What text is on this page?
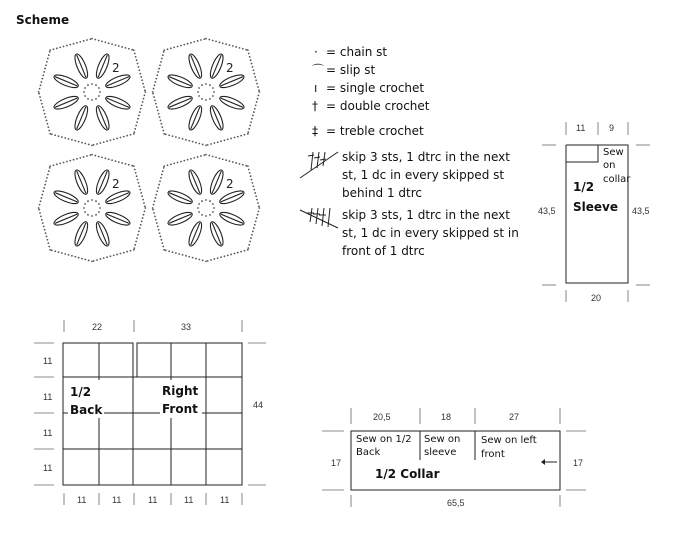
Scheme
2	2
2	2
· = chain st
⌒ = slip st
ı = single crochet
† = double crochet
‡ = treble crochet
skip 3 sts, 1 dtrc in the next
st, 1 dc in every skipped st
behind 1 dtrc
skip 3 sts, 1 dtrc in the next
st, 1 dc in every skipped st in
front of 1 dtrc
11	9
43,5	43,5
20
1/2
Sleeve
Sew
on
collar
22	33
11
11
11
11
44
11	11	11	11	11
1/2
Back
Right
Front
20,5	18	27
17	17
65,5
Sew on 1/2
Back
Sew on
sleeve
Sew on left
front
1/2 Collar
